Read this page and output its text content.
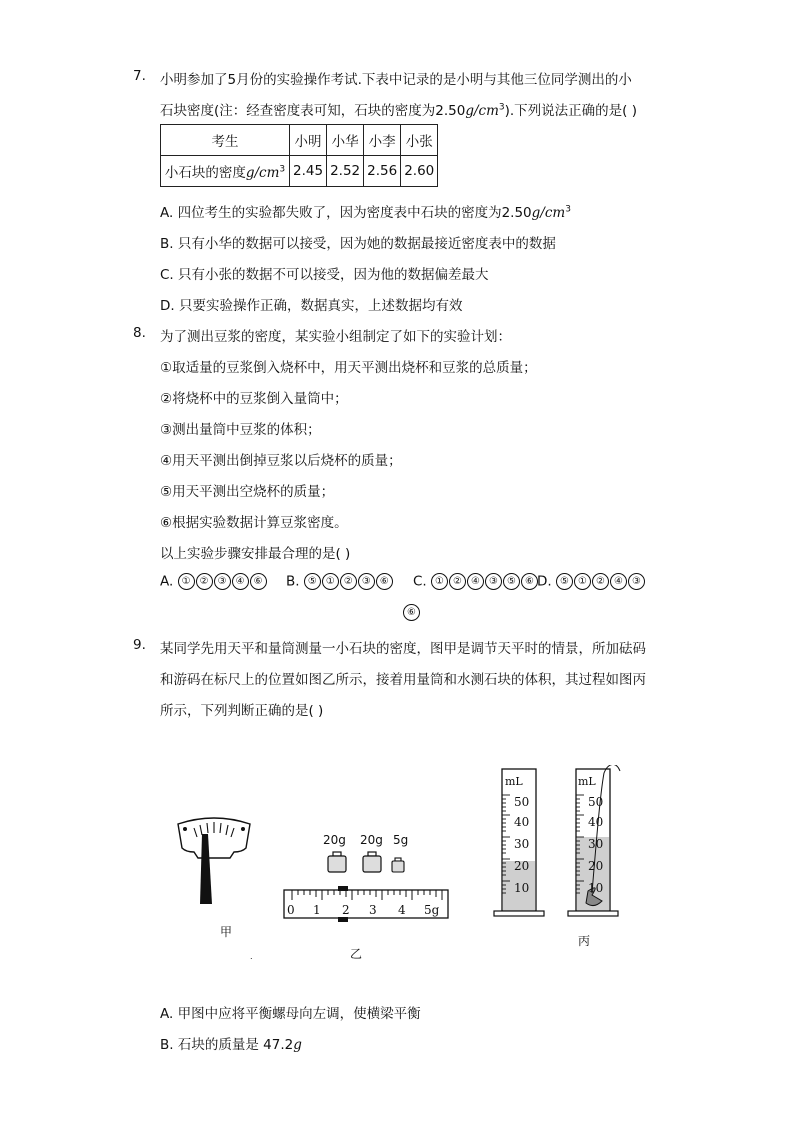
7. 小明参加了5月份的实验操作考试.下表中记录的是小明与其他三位同学测出的小
石块密度(注：经查密度表可知，石块的密度为$2.50g/cm^3$).下列说法正确的是( )
考生	小明	小华	小李	小张
小石块的密度$g/cm^3$	2.45	2.52	2.56	2.60
A. 四位考生的实验都失败了，因为密度表中石块的密度为$2.50g/cm^3$
B. 只有小华的数据可以接受，因为她的数据最接近密度表中的数据
C. 只有小张的数据不可以接受，因为他的数据偏差最大
D. 只要实验操作正确，数据真实，上述数据均有效
8. 为了测出豆浆的密度，某实验小组制定了如下的实验计划：
①取适量的豆浆倒入烧杯中，用天平测出烧杯和豆浆的总质量；
②将烧杯中的豆浆倒入量筒中；
③测出量筒中豆浆的体积；
④用天平测出倒掉豆浆以后烧杯的质量；
⑤用天平测出空烧杯的质量；
⑥根据实验数据计算豆浆密度。
以上实验步骤安排最合理的是( )
A. ① ② ③ ④ ⑥	B. ⑤ ① ② ③ ⑥	C. ① ② ④ ③ ⑤ ⑥ D. ⑤ ① ② ④ ③
⑥
9. 某同学先用天平和量筒测量一小石块的密度，图甲是调节天平时的情景，所加砝码
和游码在标尺上的位置如图乙所示，接着用量筒和水测石块的体积，其过程如图丙
所示，下列判断正确的是( )
甲
20g 20g 5g
0 1 2 3 4 5g
乙
.
mL
50
40
30
20
10
mL
50
40
30
20
10
丙
A. 甲图中应将平衡螺母向左调，使横梁平衡
B. 石块的质量是 47.2g
